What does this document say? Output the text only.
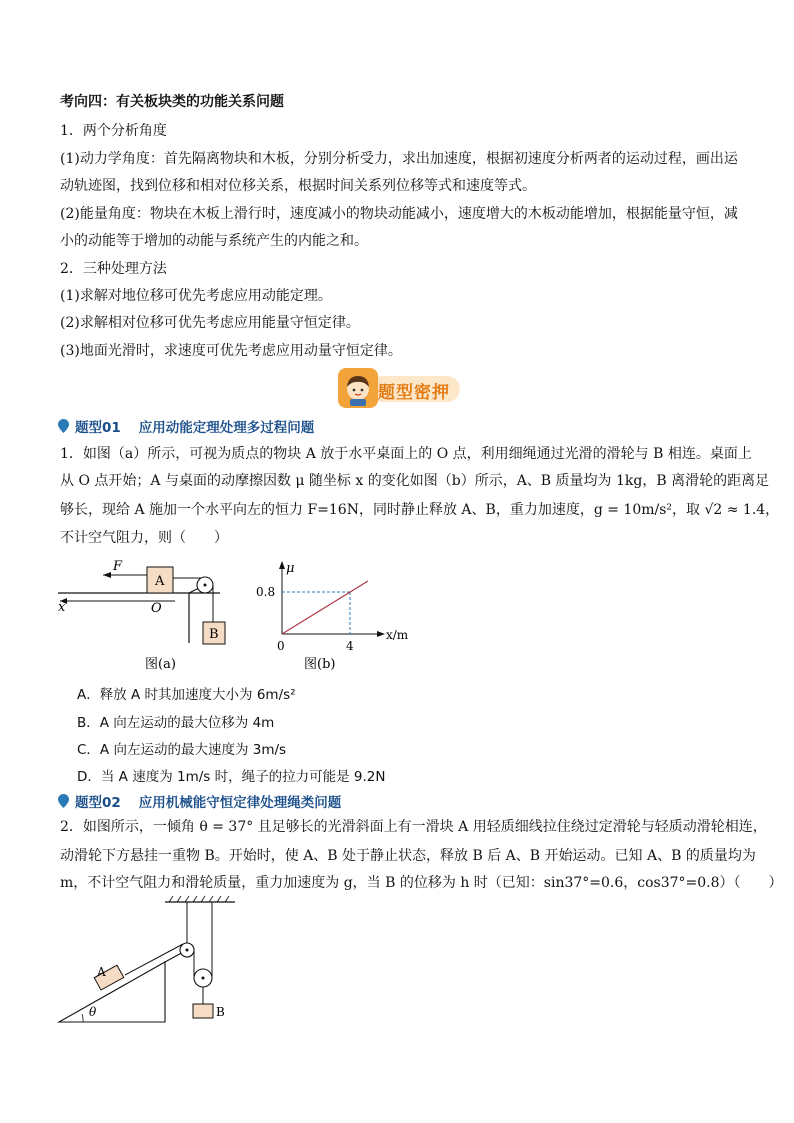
考向四：有关板块类的功能关系问题
1．两个分析角度
(1)动力学角度：首先隔离物块和木板，分别分析受力，求出加速度，根据初速度分析两者的运动过程，画出运
动轨迹图，找到位移和相对位移关系，根据时间关系列位移等式和速度等式。
(2)能量角度：物块在木板上滑行时，速度减小的物块动能减小，速度增大的木板动能增加，根据能量守恒，减
小的动能等于增加的动能与系统产生的内能之和。
2．三种处理方法
(1)求解对地位移可优先考虑应用动能定理。
(2)求解相对位移可优先考虑应用能量守恒定律。
(3)地面光滑时，求速度可优先考虑应用动量守恒定律。
题型密押
题型01 应用动能定理处理多过程问题
1．如图（a）所示，可视为质点的物块 A 放于水平桌面上的 O 点，利用细绳通过光滑的滑轮与 B 相连。桌面上
从 O 点开始；A 与桌面的动摩擦因数 μ 随坐标 x 的变化如图（b）所示，A、B 质量均为 1kg，B 离滑轮的距离足
够长，现给 A 施加一个水平向左的恒力 F=16N，同时静止释放 A、B，重力加速度，g = 10m/s²，取 √2 ≈ 1.4，
不计空气阻力，则（　　）
x	O
F
A
B
图(a)
μ
x/m
0.8
4
0
图(b)
A．释放 A 时其加速度大小为 6m/s²
B．A 向左运动的最大位移为 4m
C．A 向左运动的最大速度为 3m/s
D．当 A 速度为 1m/s 时，绳子的拉力可能是 9.2N
题型02 应用机械能守恒定律处理绳类问题
2．如图所示，一倾角 θ = 37° 且足够长的光滑斜面上有一滑块 A 用轻质细线拉住绕过定滑轮与轻质动滑轮相连，
动滑轮下方悬挂一重物 B。开始时，使 A、B 处于静止状态，释放 B 后 A、B 开始运动。已知 A、B 的质量均为
m，不计空气阻力和滑轮质量，重力加速度为 g，当 B 的位移为 h 时（已知：sin37°=0.6，cos37°=0.8）（　　）
θ
A
B
